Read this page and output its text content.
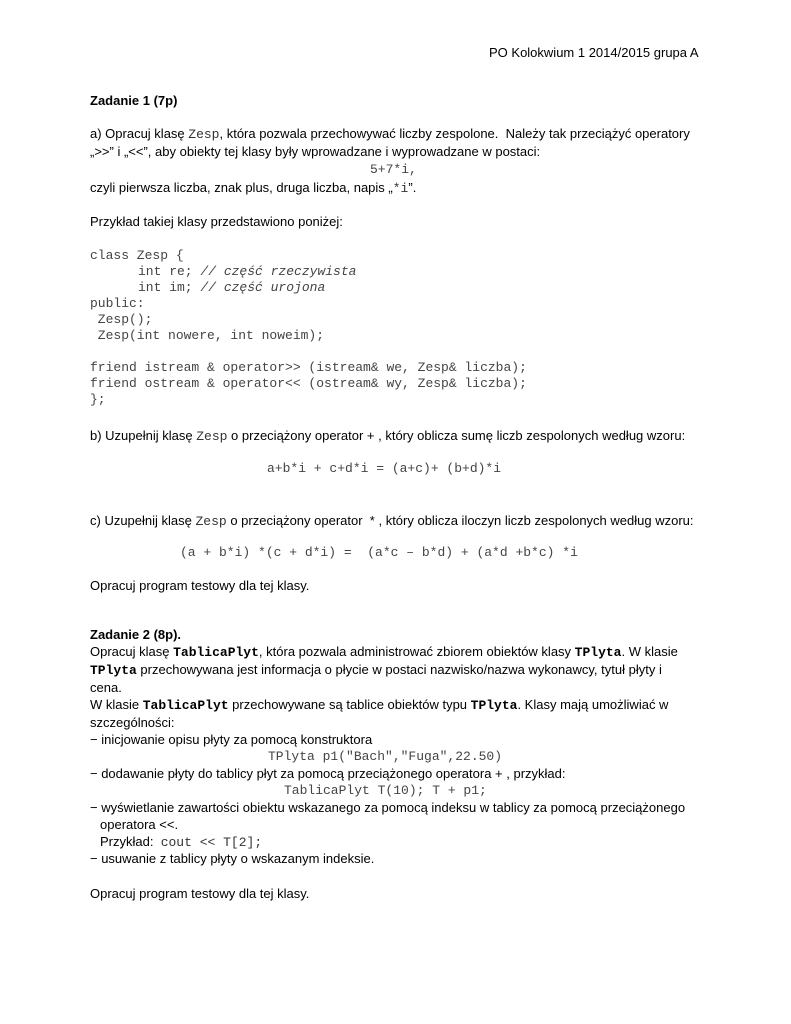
PO Kolokwium 1 2014/2015 grupa A
Zadanie 1 (7p)
a) Opracuj klasę Zesp, która pozwala przechowywać liczby zespolone.  Należy tak przeciążyć operatory
„>>” i „<<”, aby obiekty tej klasy były wprowadzane i wyprowadzane w postaci:
5+7*i,
czyli pierwsza liczba, znak plus, druga liczba, napis „*i”.
Przykład takiej klasy przedstawiono poniżej:
class Zesp {
int re; // część rzeczywista
int im; // część urojona
public:
Zesp();
Zesp(int nowere, int noweim);
friend istream & operator>> (istream& we, Zesp& liczba);
friend ostream & operator<< (ostream& wy, Zesp& liczba);
};
b) Uzupełnij klasę Zesp o przeciążony operator + , który oblicza sumę liczb zespolonych według wzoru:
a+b*i + c+d*i = (a+c)+ (b+d)*i
c) Uzupełnij klasę Zesp o przeciążony operator  * , który oblicza iloczyn liczb zespolonych według wzoru:
(a + b*i) *(c + d*i) =  (a*c – b*d) + (a*d +b*c) *i
Opracuj program testowy dla tej klasy.
Zadanie 2 (8p).
Opracuj klasę TablicaPlyt, która pozwala administrować zbiorem obiektów klasy TPlyta. W klasie
TPlyta przechowywana jest informacja o płycie w postaci nazwisko/nazwa wykonawcy, tytuł płyty i
cena.
W klasie TablicaPlyt przechowywane są tablice obiektów typu TPlyta. Klasy mają umożliwiać w
szczególności:
− inicjowanie opisu płyty za pomocą konstruktora
TPlyta p1("Bach","Fuga",22.50)
− dodawanie płyty do tablicy płyt za pomocą przeciążonego operatora + , przykład:
TablicaPlyt T(10); T + p1;
− wyświetlanie zawartości obiektu wskazanego za pomocą indeksu w tablicy za pomocą przeciążonego
operatora <<.
Przykład: cout << T[2];
− usuwanie z tablicy płyty o wskazanym indeksie.
Opracuj program testowy dla tej klasy.
